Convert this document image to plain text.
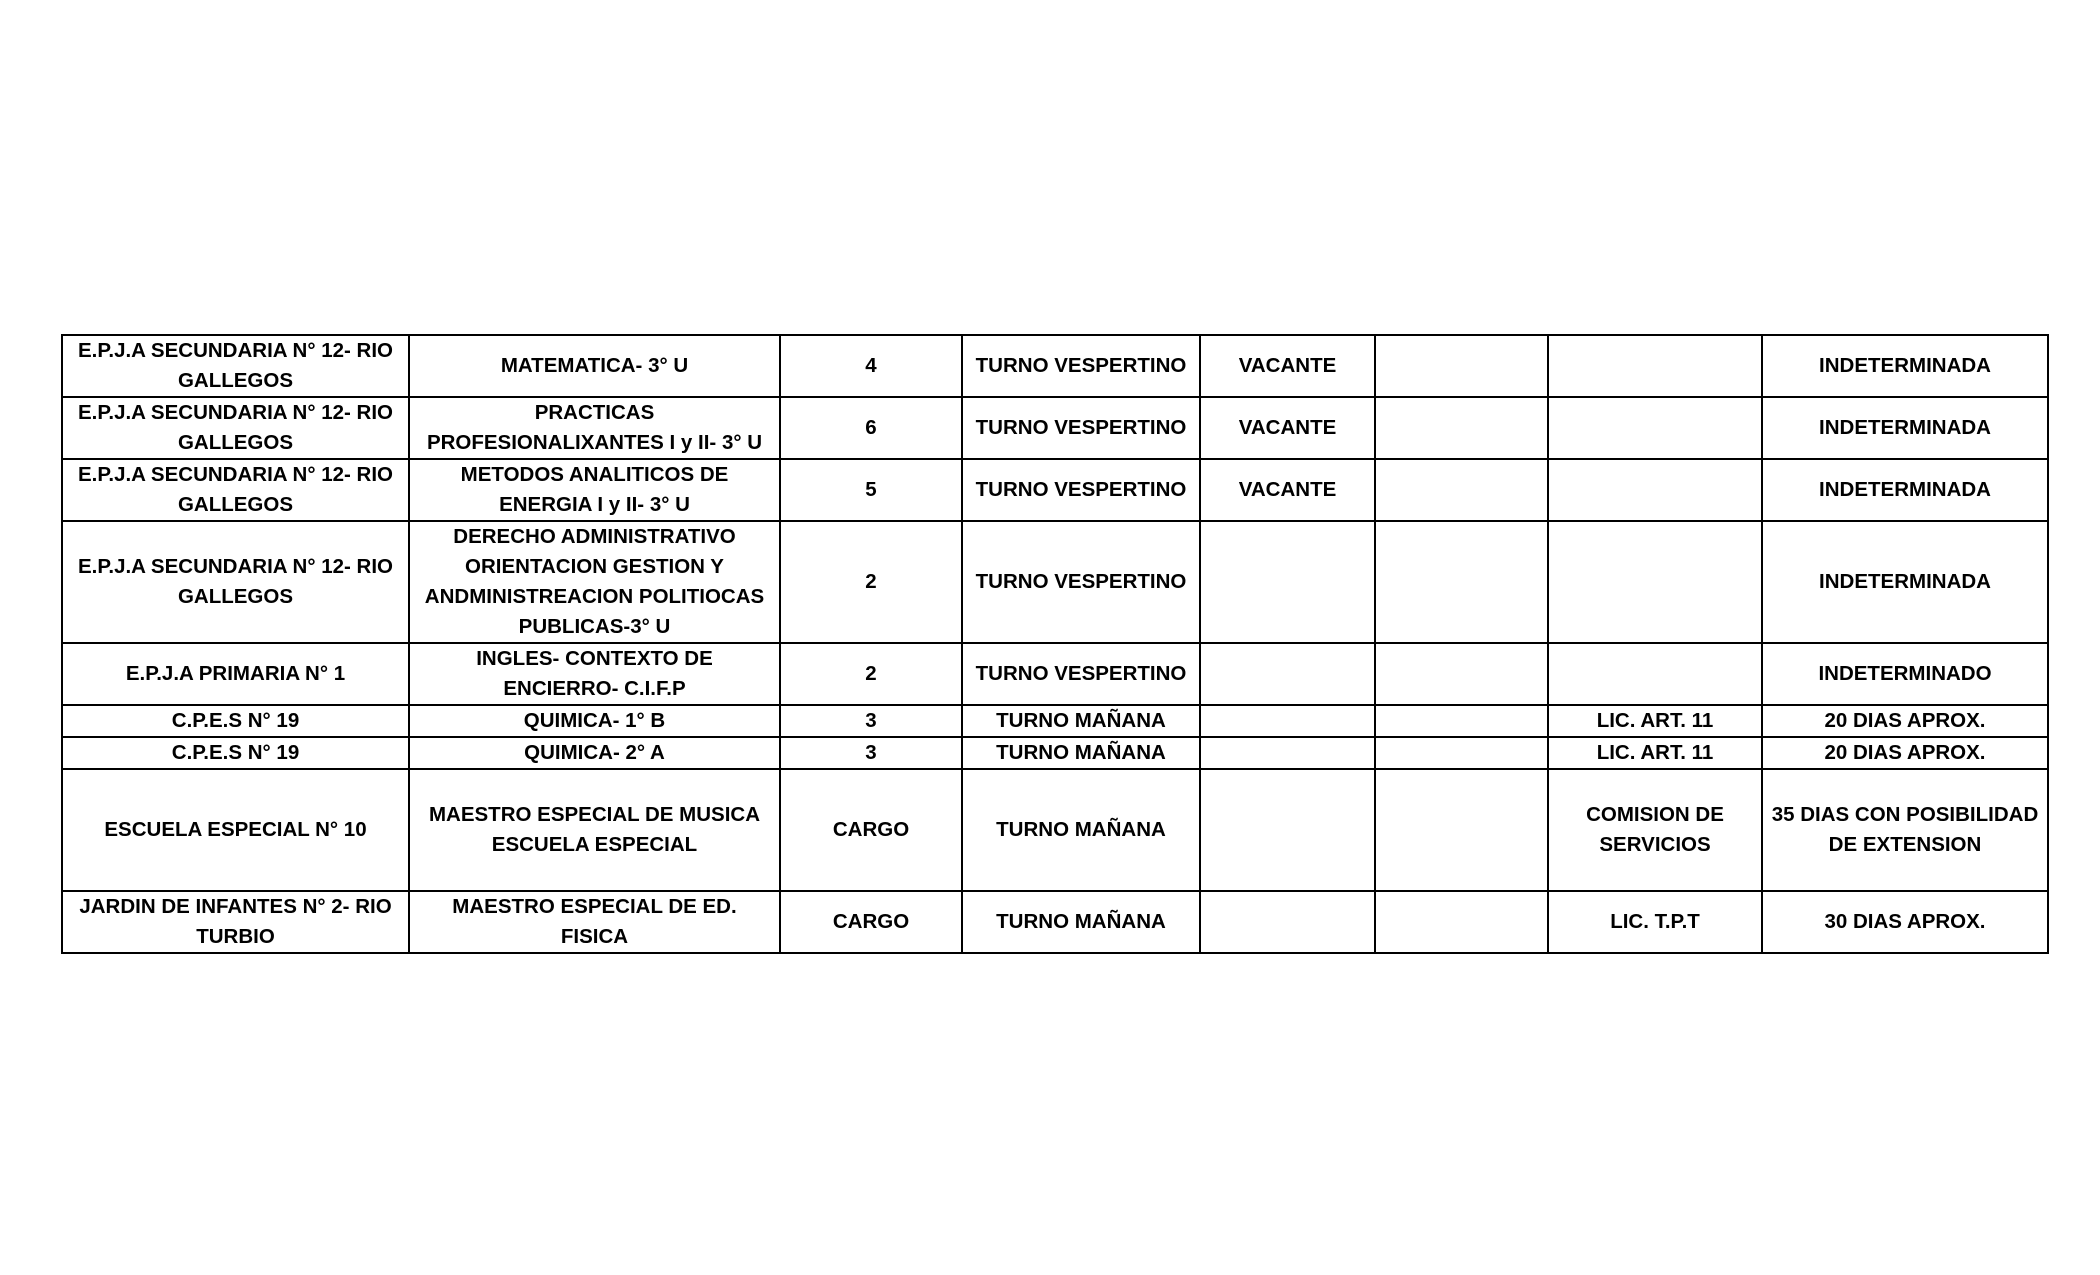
E.P.J.A SECUNDARIA N° 12- RIO GALLEGOS	MATEMATICA- 3° U	4	TURNO VESPERTINO	VACANTE			INDETERMINADA
E.P.J.A SECUNDARIA N° 12- RIO GALLEGOS	PRACTICAS PROFESIONALIXANTES I y II- 3° U	6	TURNO VESPERTINO	VACANTE			INDETERMINADA
E.P.J.A SECUNDARIA N° 12- RIO GALLEGOS	METODOS ANALITICOS DE ENERGIA I y II- 3° U	5	TURNO VESPERTINO	VACANTE			INDETERMINADA
E.P.J.A SECUNDARIA N° 12- RIO GALLEGOS	DERECHO ADMINISTRATIVO ORIENTACION GESTION Y ANDMINISTREACION POLITIOCAS PUBLICAS-3° U	2	TURNO VESPERTINO				INDETERMINADA
E.P.J.A PRIMARIA N° 1	INGLES- CONTEXTO DE ENCIERRO- C.I.F.P	2	TURNO VESPERTINO				INDETERMINADO
C.P.E.S N° 19	QUIMICA- 1° B	3	TURNO MAÑANA			LIC. ART. 11	20 DIAS APROX.
C.P.E.S N° 19	QUIMICA- 2° A	3	TURNO MAÑANA			LIC. ART. 11	20 DIAS APROX.
ESCUELA ESPECIAL N° 10	MAESTRO ESPECIAL DE MUSICA ESCUELA ESPECIAL	CARGO	TURNO MAÑANA			COMISION DE SERVICIOS	35 DIAS CON POSIBILIDAD DE EXTENSION
JARDIN DE INFANTES N° 2- RIO TURBIO	MAESTRO ESPECIAL DE ED. FISICA	CARGO	TURNO MAÑANA			LIC. T.P.T	30 DIAS APROX.
